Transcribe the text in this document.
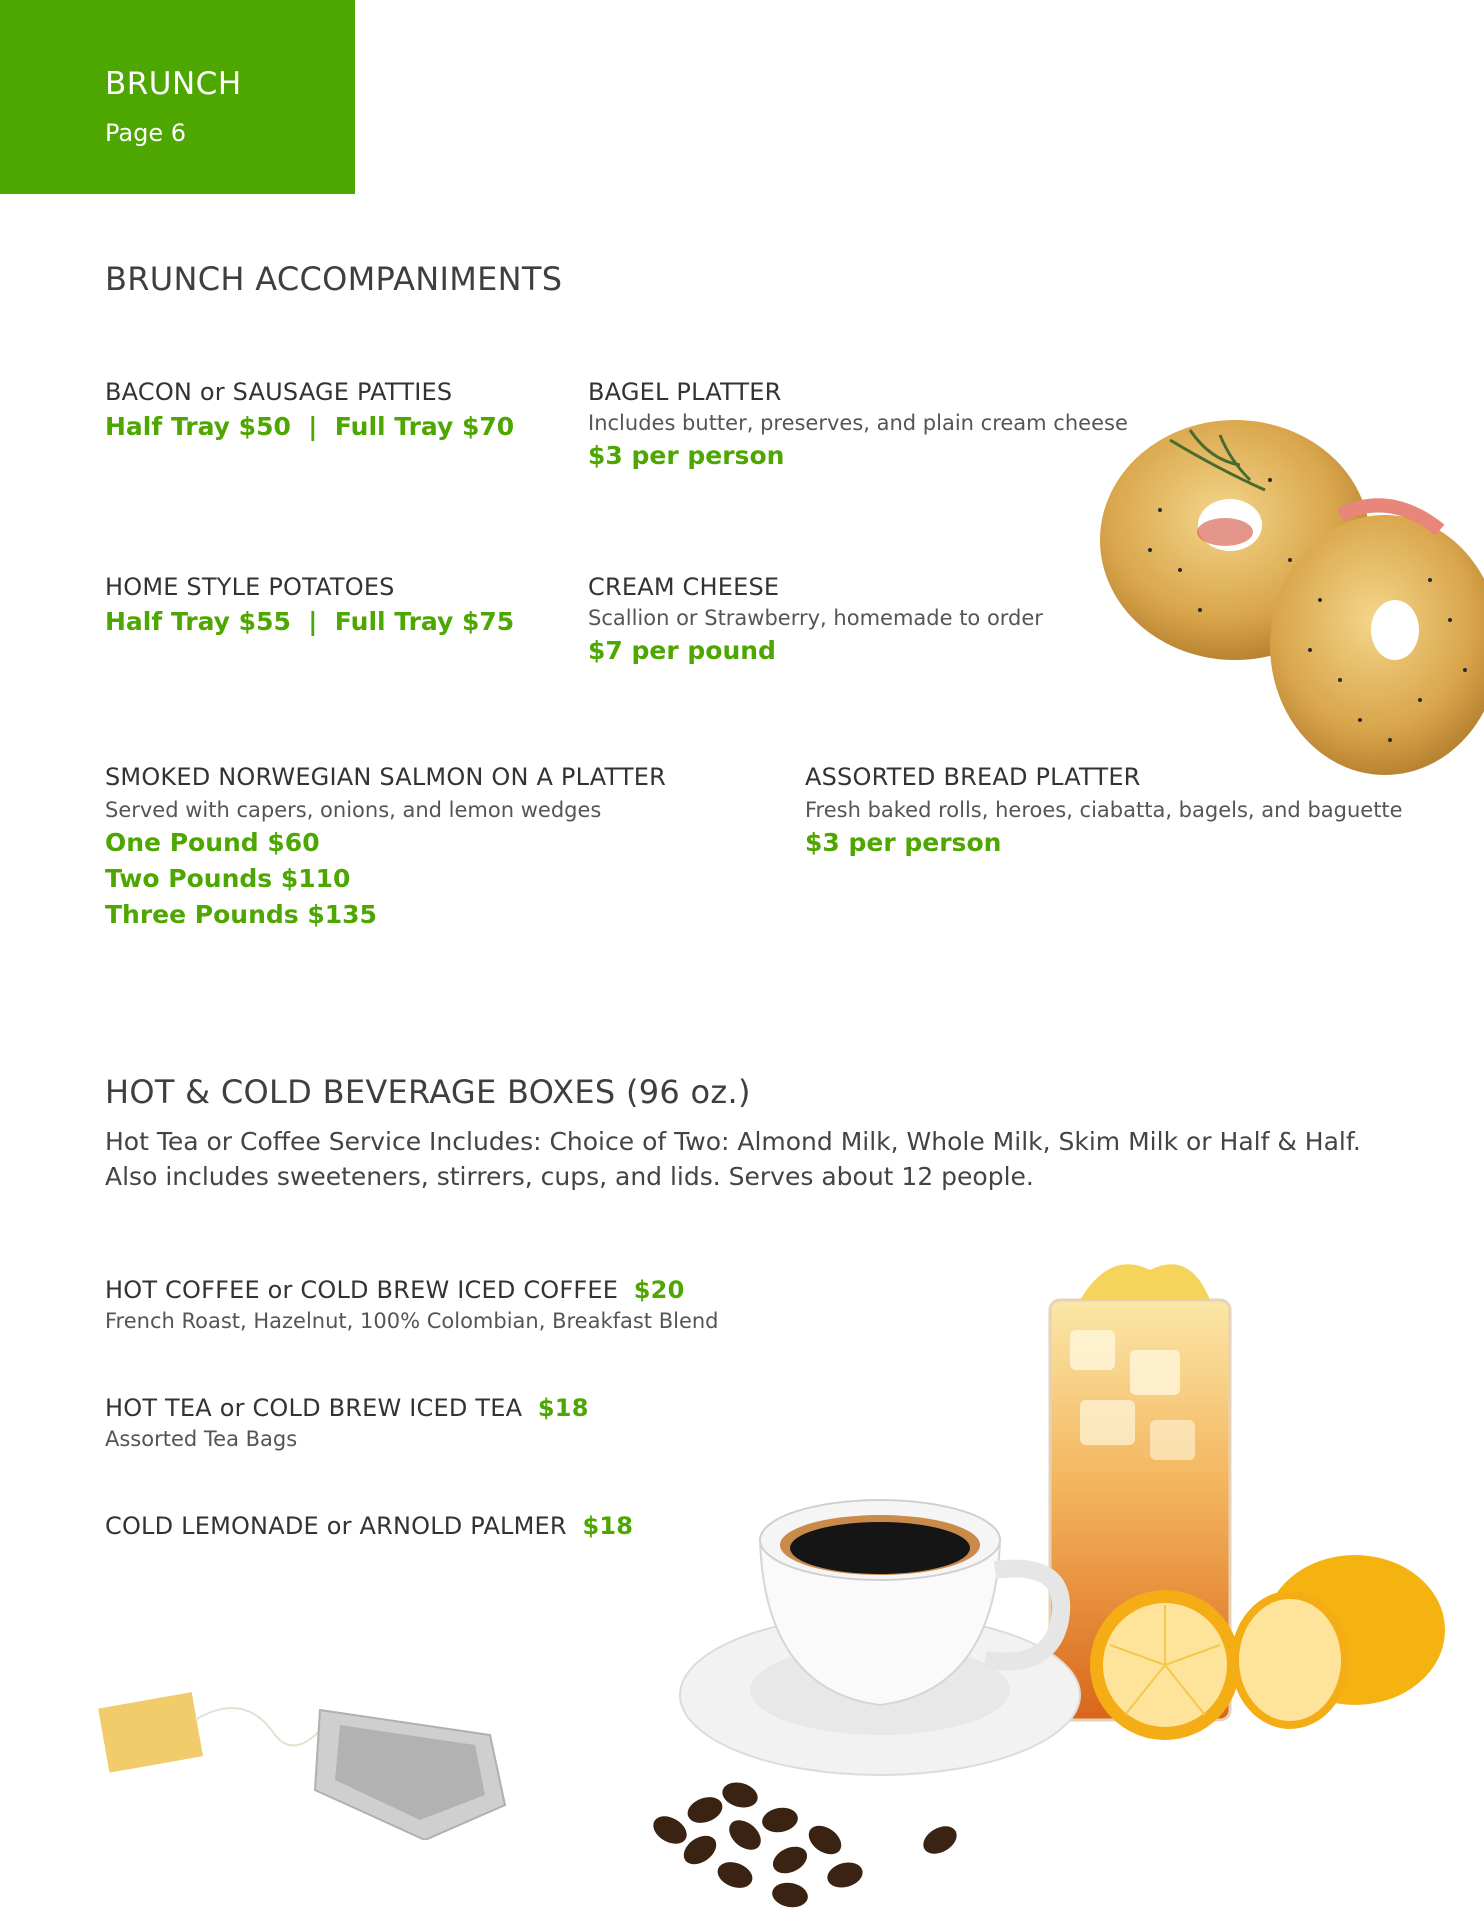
BRUNCH
Page 6
BRUNCH ACCOMPANIMENTS
BACON or SAUSAGE PATTIES
Half Tray $50  |  Full Tray $70
BAGEL PLATTER
Includes butter, preserves, and plain cream cheese
$3 per person
HOME STYLE POTATOES
Half Tray $55  |  Full Tray $75
CREAM CHEESE
Scallion or Strawberry, homemade to order
$7 per pound
SMOKED NORWEGIAN SALMON ON A PLATTER
Served with capers, onions, and lemon wedges
One Pound $60
Two Pounds $110
Three Pounds $135
ASSORTED BREAD PLATTER
Fresh baked rolls, heroes, ciabatta, bagels, and baguette
$3 per person
HOT & COLD BEVERAGE BOXES (96 oz.)
Hot Tea or Coffee Service Includes: Choice of Two: Almond Milk, Whole Milk, Skim Milk or Half & Half. Also includes sweeteners, stirrers, cups, and lids. Serves about 12 people.
HOT COFFEE or COLD BREW ICED COFFEE $20
French Roast, Hazelnut, 100% Colombian, Breakfast Blend
HOT TEA or COLD BREW ICED TEA $18
Assorted Tea Bags
COLD LEMONADE or ARNOLD PALMER $18
